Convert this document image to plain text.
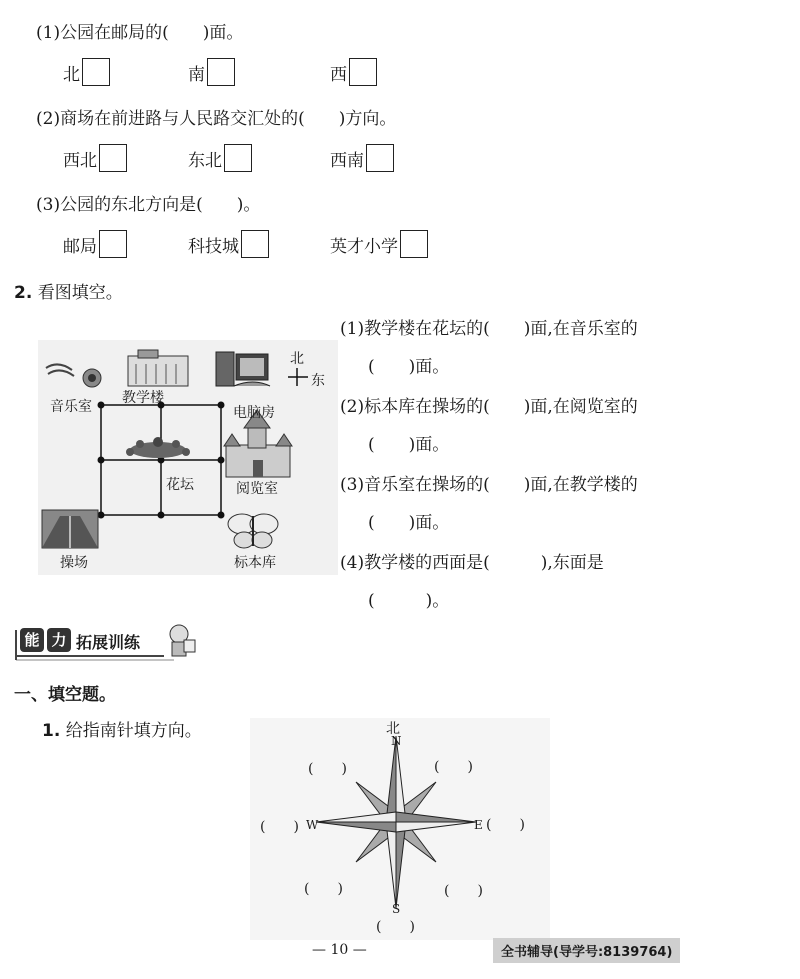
(1)公园在邮局的(　　)面。
北	南	西
(2)商场在前进路与人民路交汇处的(　　)方向。
西北	东北	西南
(3)公园的东北方向是(　　)。
邮局	科技城	英才小学
2. 看图填空。
音乐室
教学楼
电脑房
花坛	阅览室
操场	标本库
北
东
(1)教学楼在花坛的(　　)面,在音乐室的
(　　)面。
(2)标本库在操场的(　　)面,在阅览室的
(　　)面。
(3)音乐室在操场的(　　)面,在教学楼的
(　　)面。
(4)教学楼的西面是(　　　),东面是
(　　　)。
能 力 拓展训练
一、填空题。
1. 给指南针填方向。	北
N
S
E
W
(　　)	(　　)
(　　)	(　　)
(　　)	(　　)
(　　)
— 10 —	全书辅导(导学号:8139764)
